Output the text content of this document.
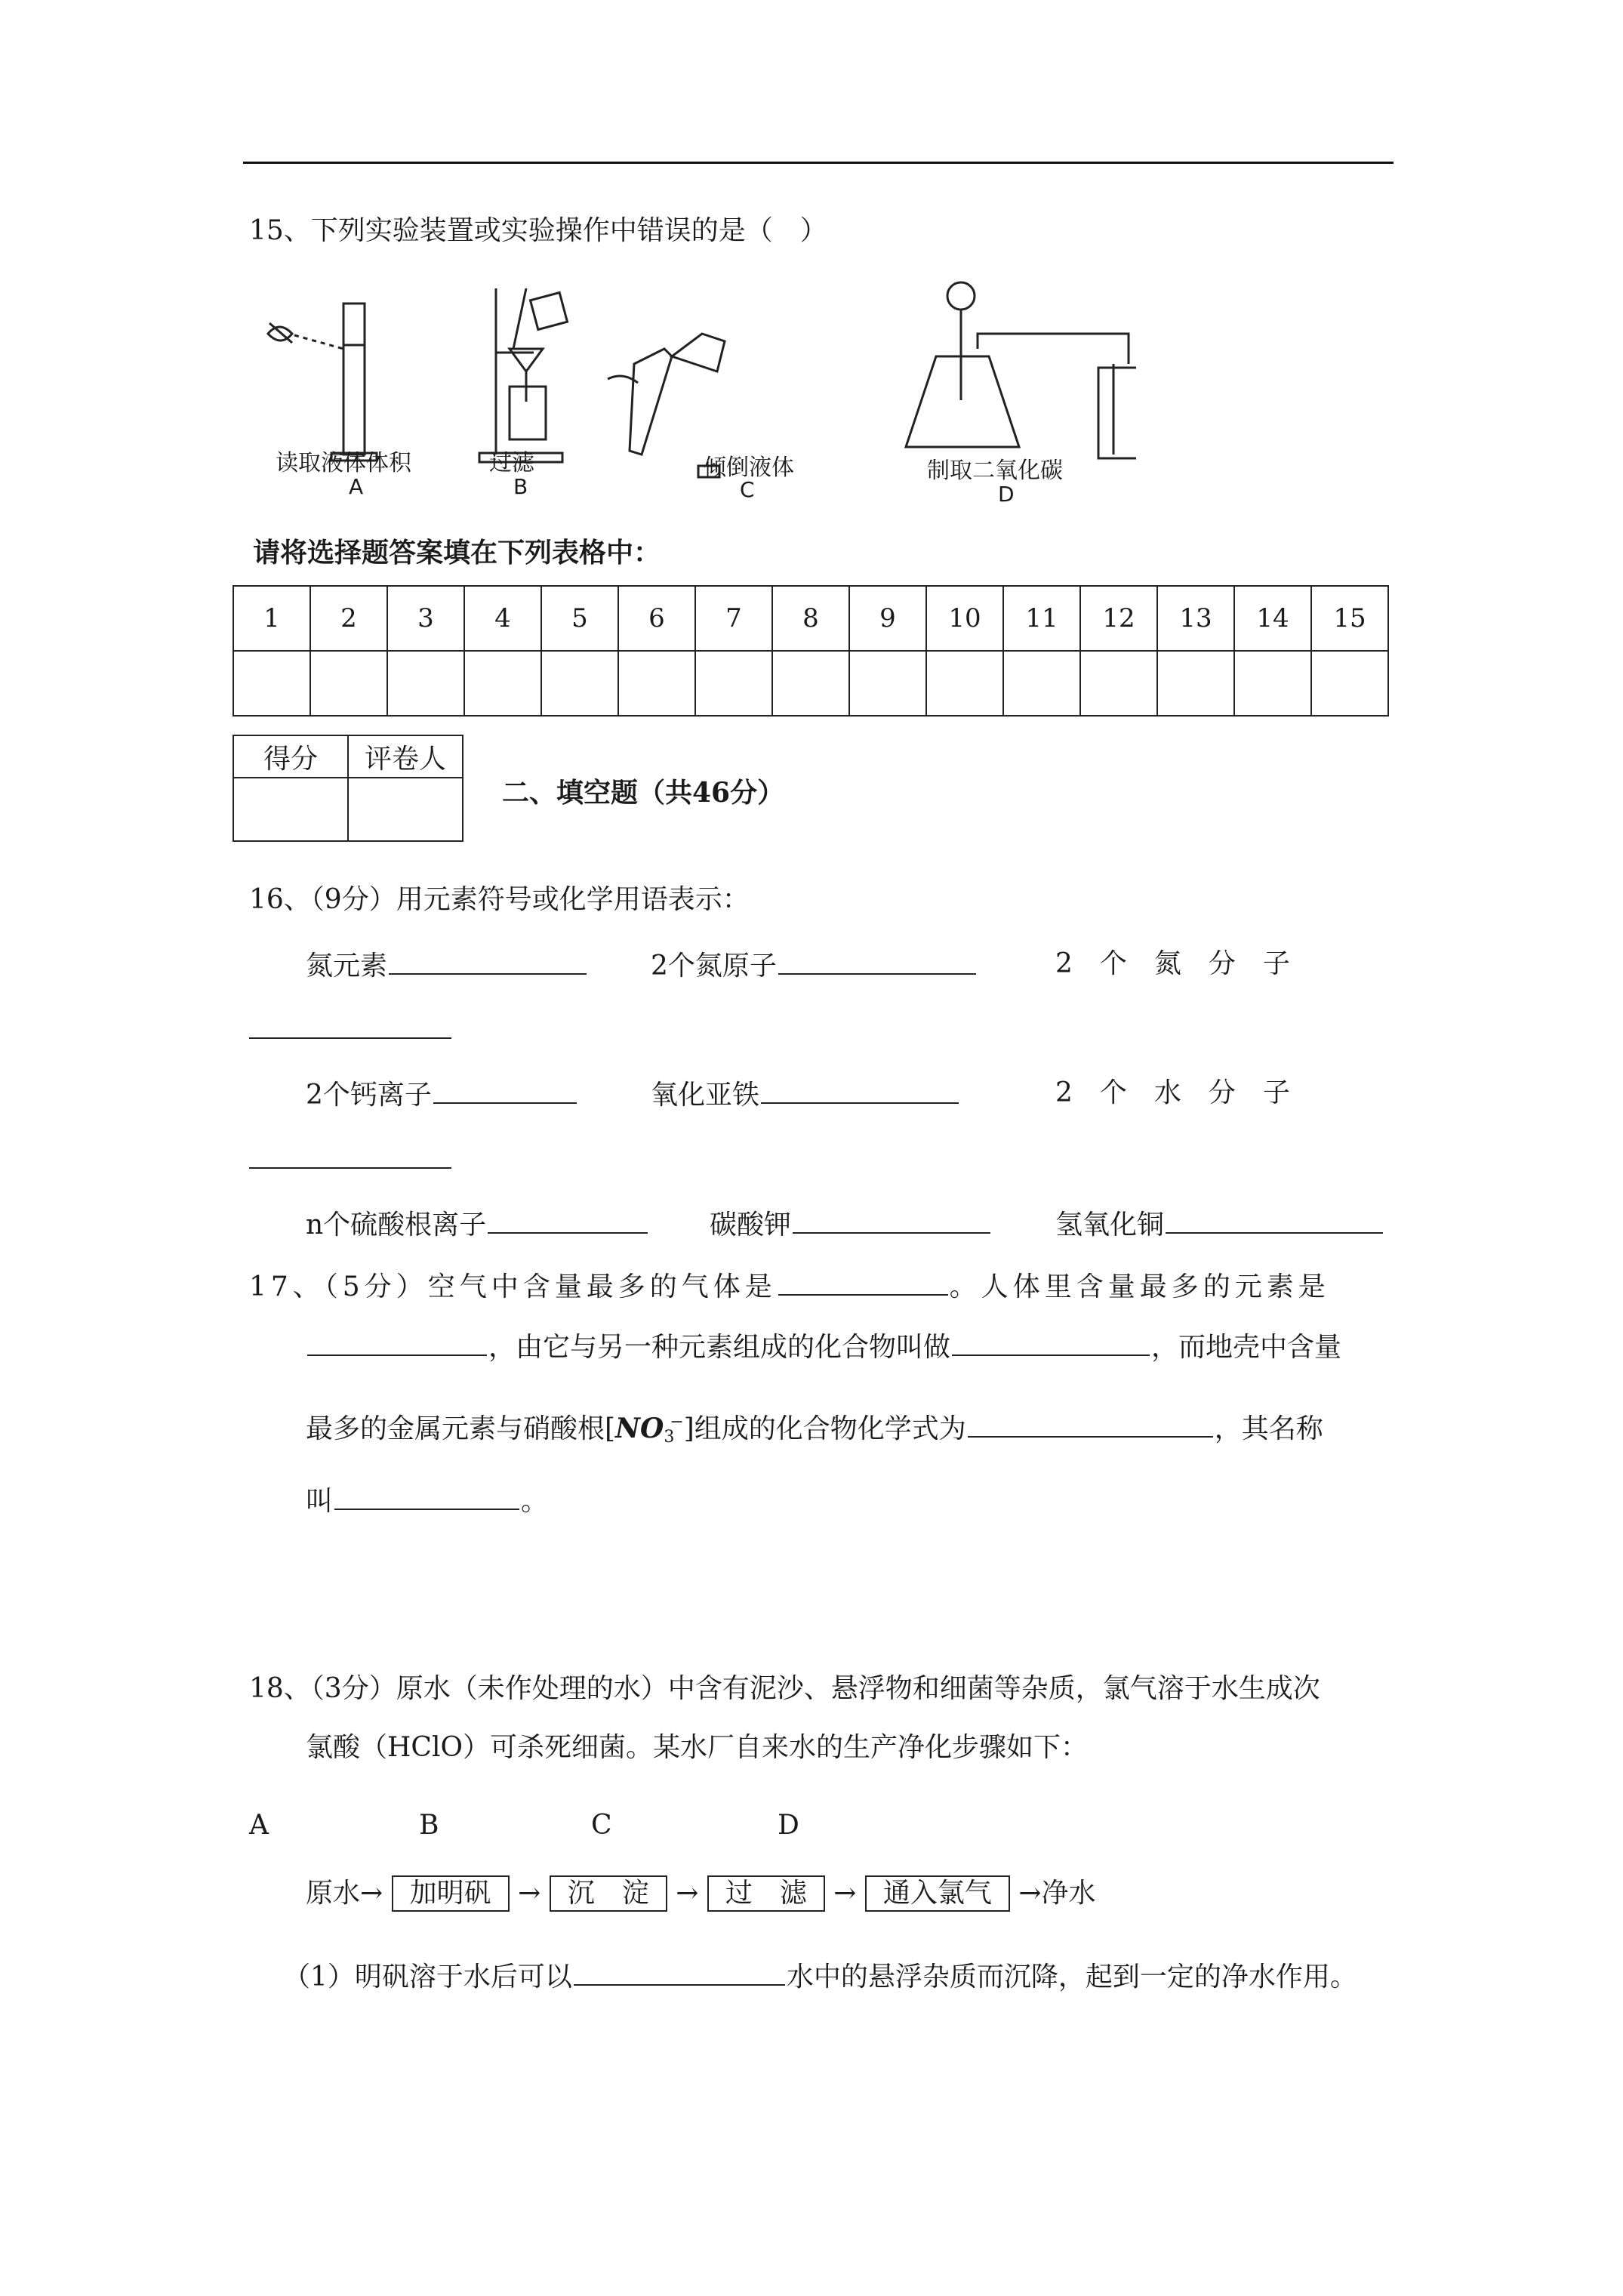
15、下列实验装置或实验操作中错误的是（　）
读取液体体积
A
过滤
B
倾倒液体
C
制取二氧化碳
D
请将选择题答案填在下列表格中：
1	2	3	4	5	6	7	8	9	10	11	12	13	14	15

得分	评卷人

二、填空题（共46分）
16、（9分）用元素符号或化学用语表示：
氮元素	2个氮原子	2　个　氮　分　子
2个钙离子	氧化亚铁	2　个　水　分　子
n个硫酸根离子	碳酸钾	氢氧化铜
17、（5分）空气中含量最多的气体是	。人体里含量最多的元素是
，由它与另一种元素组成的化合物叫做	，而地壳中含量
最多的金属元素与硝酸根$[NO_3^-]$组成的化合物化学式为	，其名称
叫	。
18、（3分）原水（未作处理的水）中含有泥沙、悬浮物和细菌等杂质，氯气溶于水生成次
氯酸（HClO）可杀死细菌。某水厂自来水的生产净化步骤如下：
A	B	C	D
原水→ 加明矾 → 沉　淀 → 过　滤 → 通入氯气 →净水
（1）明矾溶于水后可以	水中的悬浮杂质而沉降，起到一定的净水作用。
